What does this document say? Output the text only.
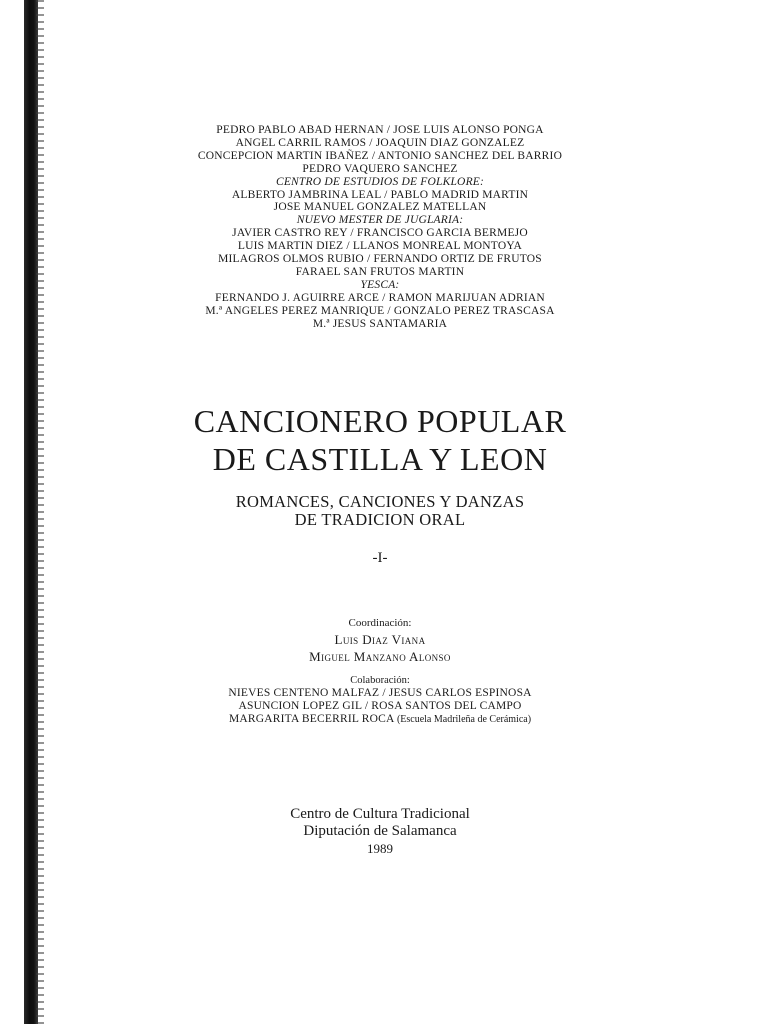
PEDRO PABLO ABAD HERNAN / JOSE LUIS ALONSO PONGA
ANGEL CARRIL RAMOS / JOAQUIN DIAZ GONZALEZ
CONCEPCION MARTIN IBAÑEZ / ANTONIO SANCHEZ DEL BARRIO
PEDRO VAQUERO SANCHEZ
CENTRO DE ESTUDIOS DE FOLKLORE:
ALBERTO JAMBRINA LEAL / PABLO MADRID MARTIN
JOSE MANUEL GONZALEZ MATELLAN
NUEVO MESTER DE JUGLARIA:
JAVIER CASTRO REY / FRANCISCO GARCIA BERMEJO
LUIS MARTIN DIEZ / LLANOS MONREAL MONTOYA
MILAGROS OLMOS RUBIO / FERNANDO ORTIZ DE FRUTOS
FARAEL SAN FRUTOS MARTIN
YESCA:
FERNANDO J. AGUIRRE ARCE / RAMON MARIJUAN ADRIAN
M.ª ANGELES PEREZ MANRIQUE / GONZALO PEREZ TRASCASA
M.ª JESUS SANTAMARIA
CANCIONERO POPULAR
DE CASTILLA Y LEON
ROMANCES, CANCIONES Y DANZAS
DE TRADICION ORAL
-I-
Coordinación:
Luis Diaz Viana
Miguel Manzano Alonso
Colaboración:
NIEVES CENTENO MALFAZ / JESUS CARLOS ESPINOSA
ASUNCION LOPEZ GIL / ROSA SANTOS DEL CAMPO
MARGARITA BECERRIL ROCA (Escuela Madrileña de Cerámica)
Centro de Cultura Tradicional
Diputación de Salamanca
1989
